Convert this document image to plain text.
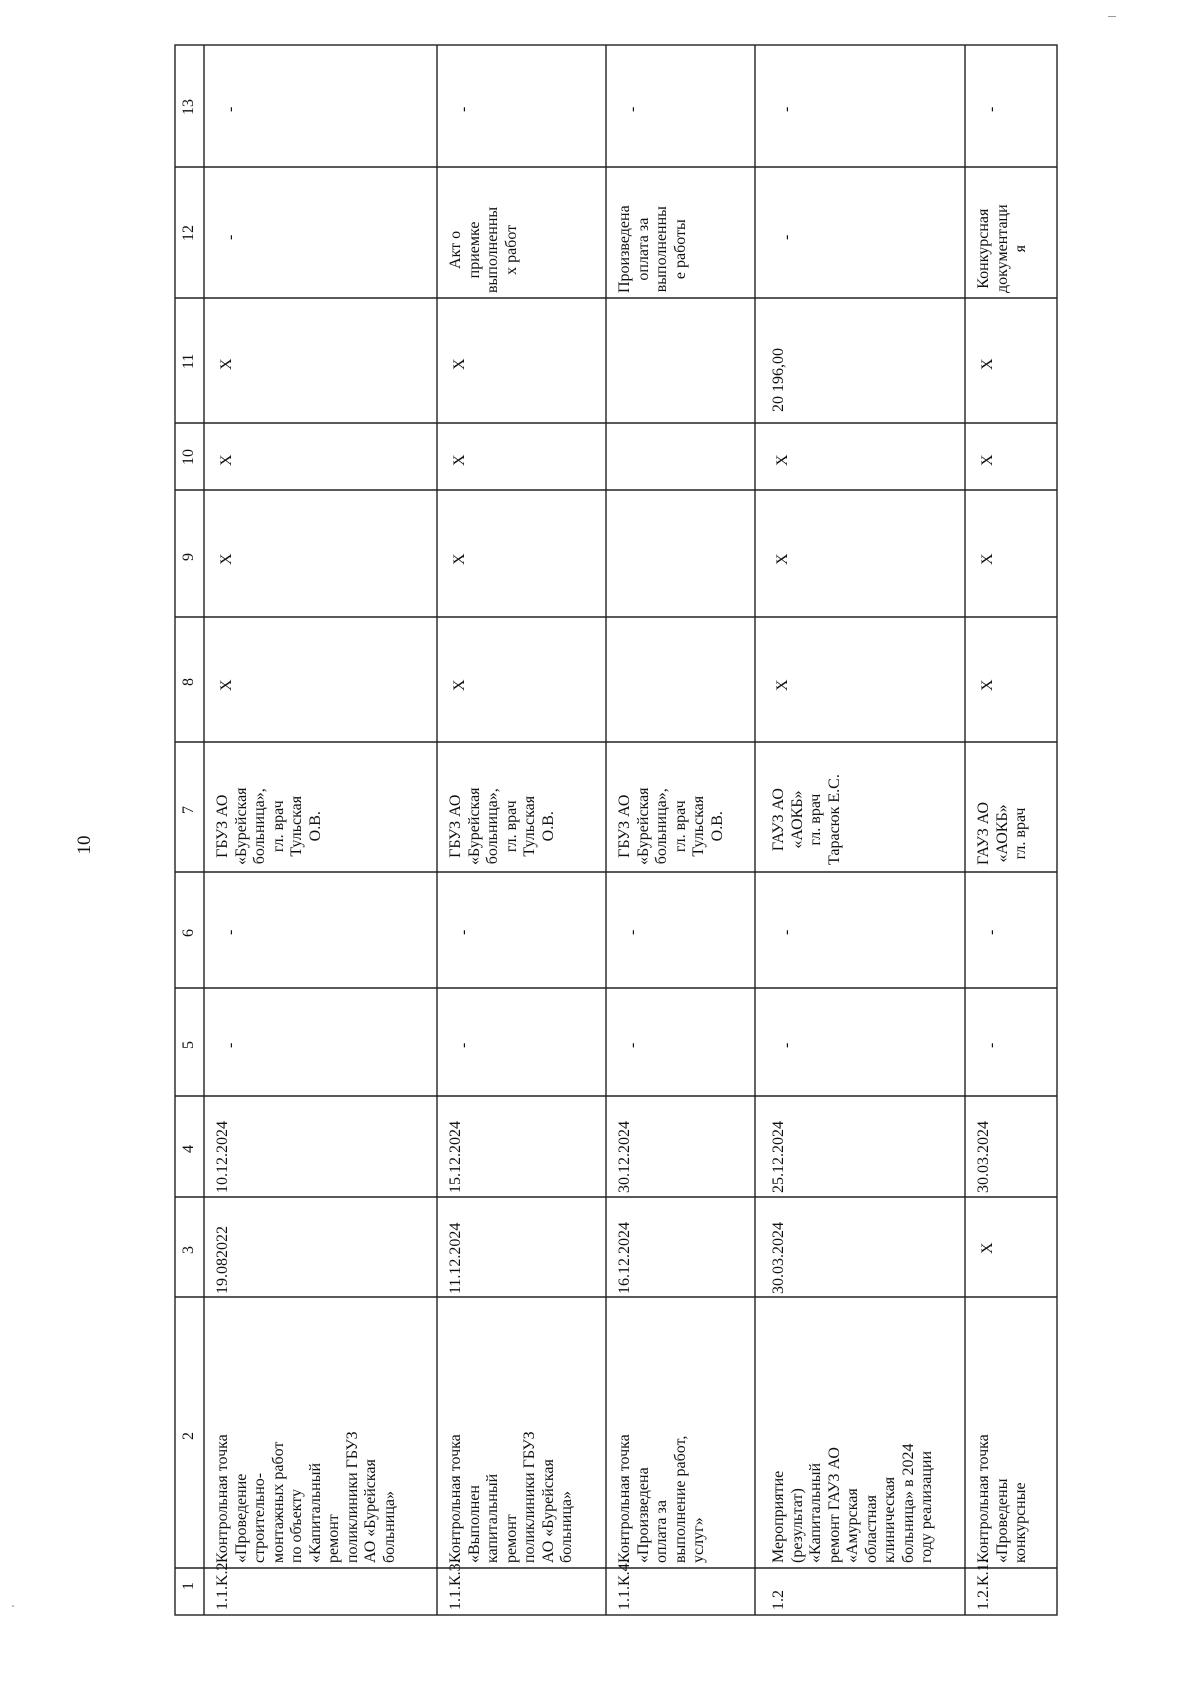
10
1
2
3
4
5
6
7
8
9
10
11
12
13
1.1.K.2.
Контрольная точка
«Проведение
строительно-
монтажных работ
по объекту
«Капитальный
ремонт
поликлиники ГБУЗ
АО «Бурейская
больница»
19.082022
10.12.2024
-
-
ГБУЗ АО
«Бурейская
больница»,
гл. врач
Тульская
О.В.
X
X
X
X
-
-
1.1.К.3.
Контрольная точка
«Выполнен
капитальный
ремонт
поликлиники ГБУЗ
АО «Бурейская
больница»
11.12.2024
15.12.2024
-
-
ГБУЗ АО
«Бурейская
больница»,
гл. врач
Тульская
О.В.
X
X
X
X
Акт о
приемке
выполненны
х работ
-
1.1.К.4.
Контрольная точка
«Произведена
оплата за
выполнение работ,
услуг»
16.12.2024
30.12.2024
-
-
ГБУЗ АО
«Бурейская
больница»,
гл. врач
Тульская
О.В.
Произведена
оплата за
выполненны
е работы
-
1.2
Мероприятие
(результат)
«Капитальный
ремонт ГАУЗ АО
«Амурская
областная
клиническая
больница» в 2024
году реализации
30.03.2024
25.12.2024
-
-
ГАУЗ АО
«АОКБ»
гл. врач
Тарасюк Е.С.
X
X
X
20 196,00
-
-
1.2.К.1.
Контрольная точка
«Проведены
конкурсные
X
30.03.2024
-
-
ГАУЗ АО
«АОКБ»
гл. врач
X
X
X
X
Конкурсная
документаци
я
-
